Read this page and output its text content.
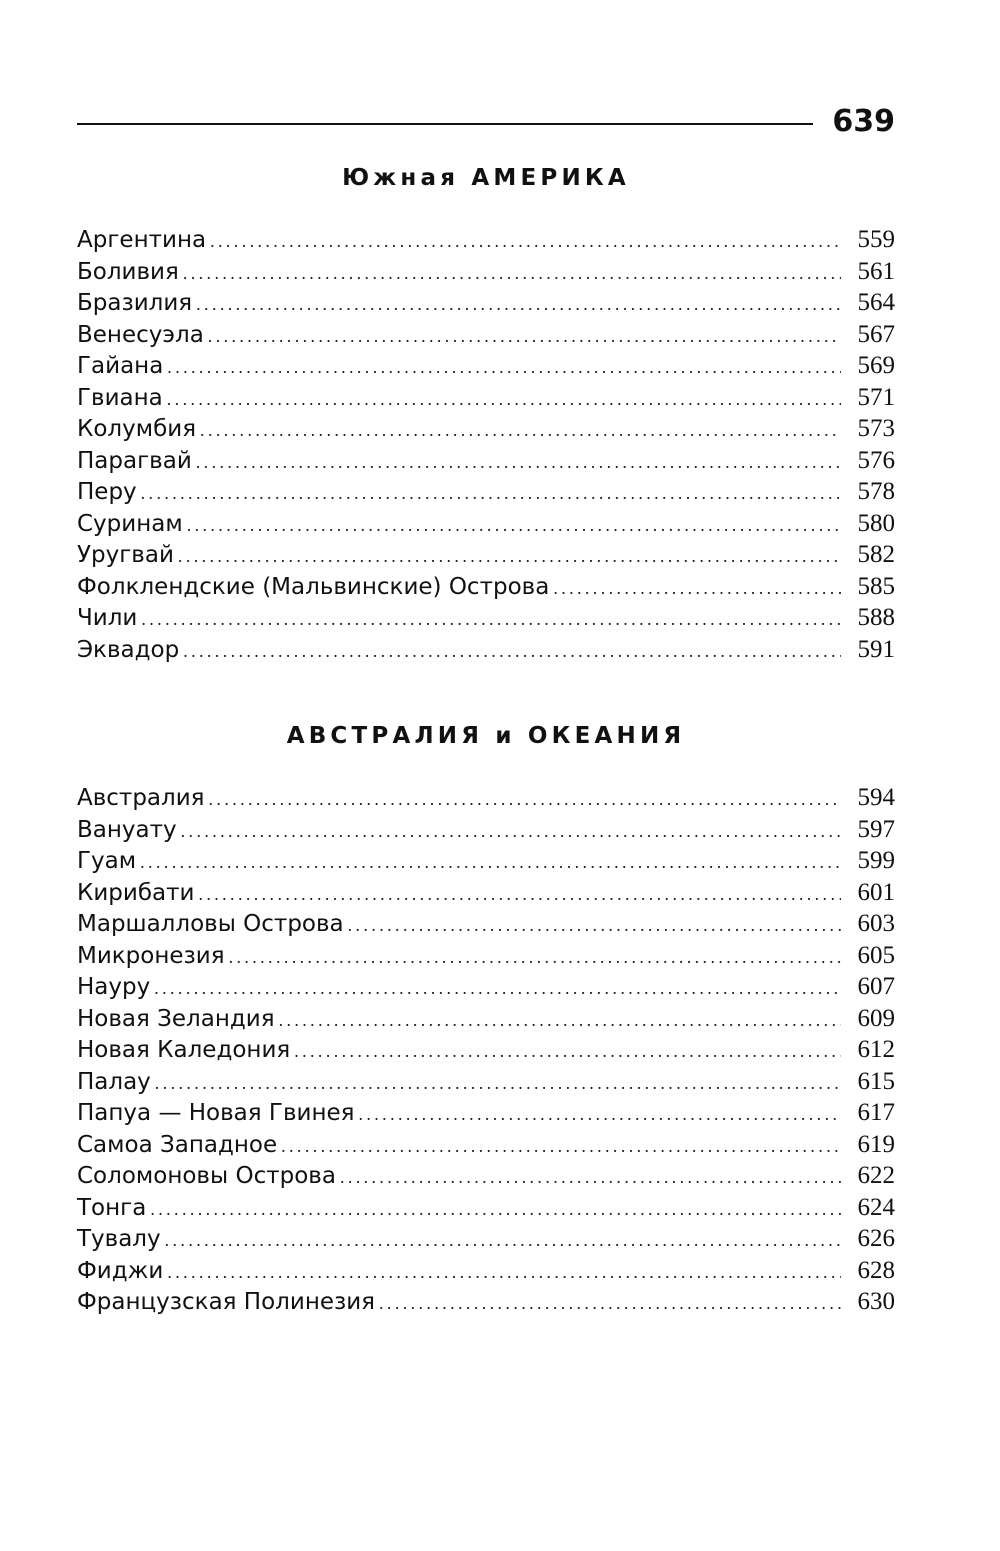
639
Южная АМЕРИКА
Аргентина .....	559
Боливия .....	561
Бразилия .....	564
Венесуэла .....	567
Гайана .....	569
Гвиана .....	571
Колумбия .....	573
Парагвай .....	576
Перу .....	578
Суринам .....	580
Уругвай .....	582
Фолклендские (Мальвинские) Острова .....	585
Чили .....	588
Эквадор .....	591
АВСТРАЛИЯ и ОКЕАНИЯ
Австралия .....	594
Вануату .....	597
Гуам .....	599
Кирибати .....	601
Маршалловы Острова .....	603
Микронезия .....	605
Науру .....	607
Новая Зеландия .....	609
Новая Каледония .....	612
Палау .....	615
Папуа — Новая Гвинея .....	617
Самоа Западное .....	619
Соломоновы Острова .....	622
Тонга .....	624
Тувалу .....	626
Фиджи .....	628
Французская Полинезия .....	630
